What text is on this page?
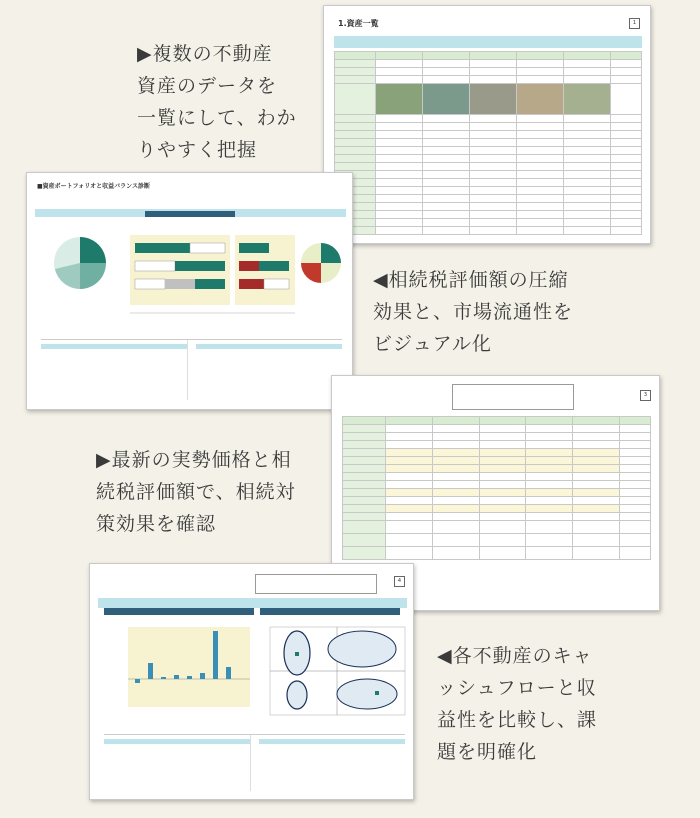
▶複数の不動産
資産のデータを
一覧にして、わか
りやすく把握
1.資産一覧	1

■資産ポートフォリオと収益バランス診断
◀相続税評価額の圧縮
効果と、市場流通性を
ビジュアル化
3

▶最新の実勢価格と相
続税評価額で、相続対
策効果を確認
4
◀各不動産のキャ
ッシュフローと収
益性を比較し、課
題を明確化
